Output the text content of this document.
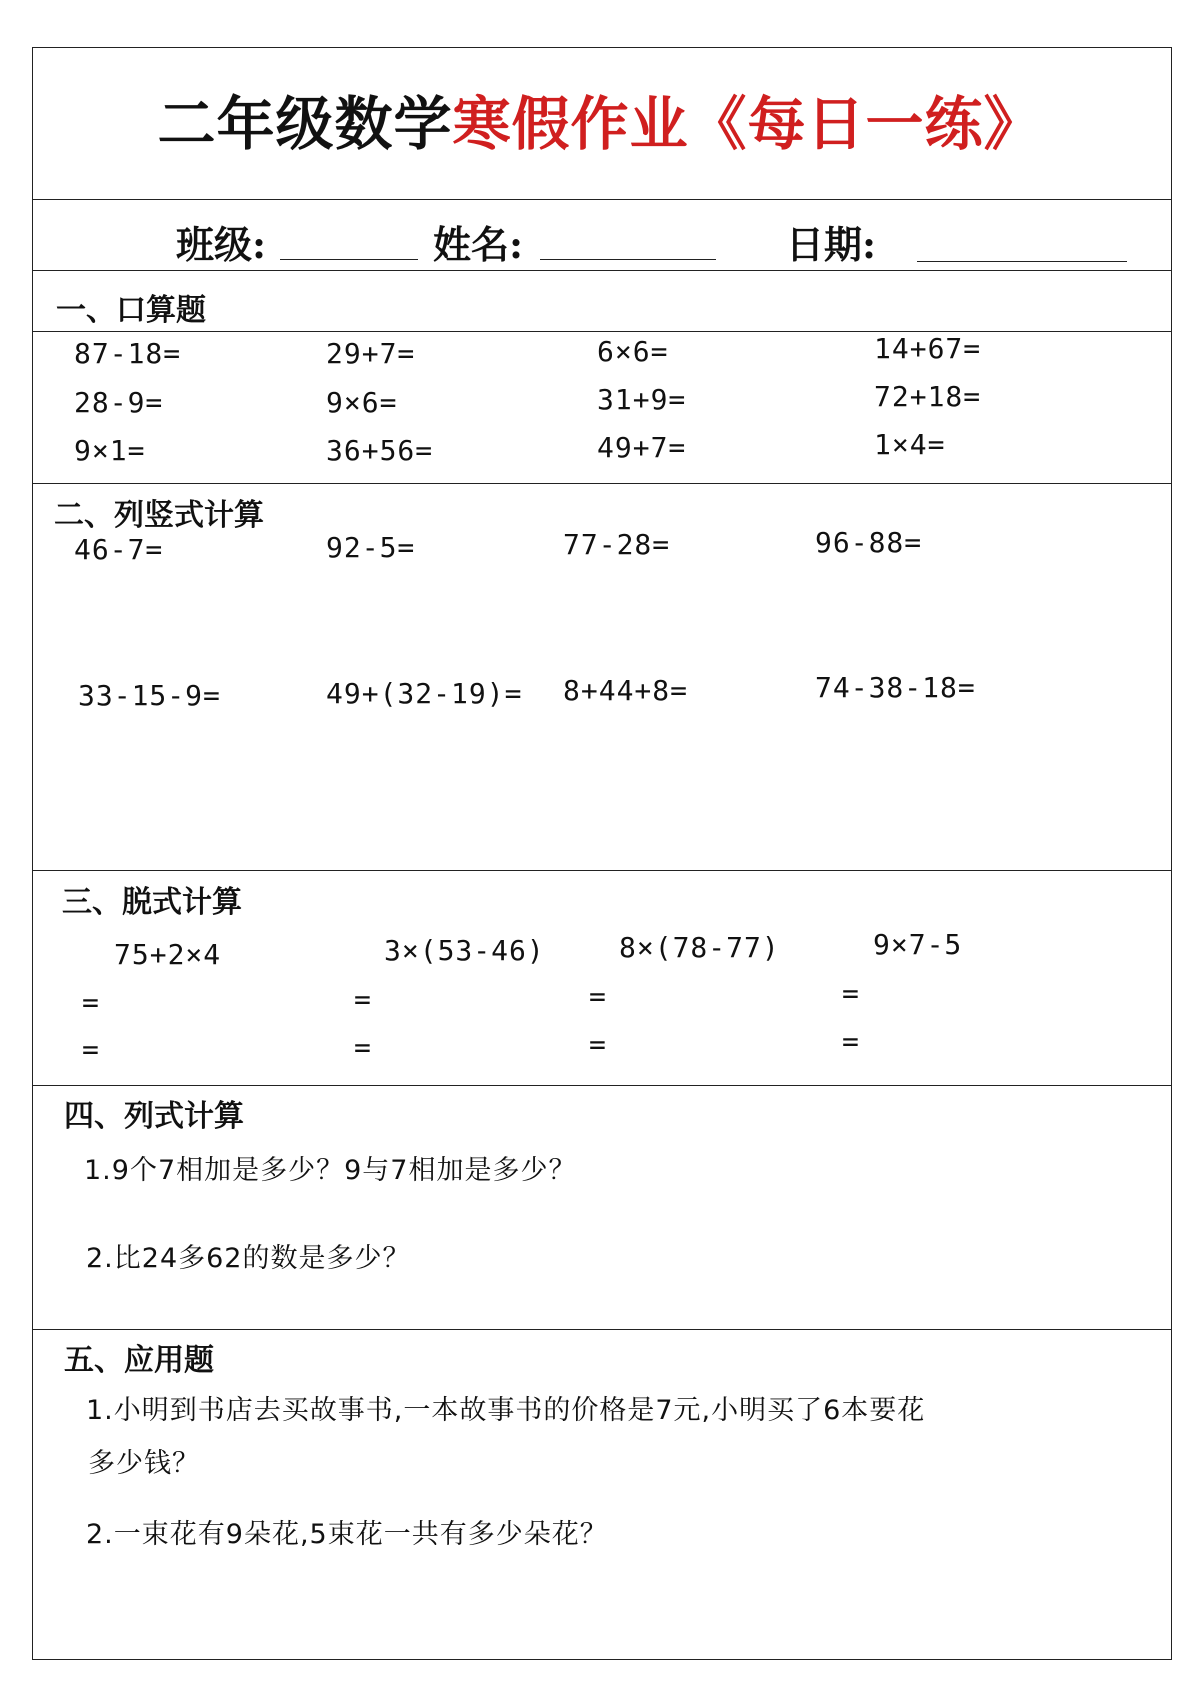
二年级数学寒假作业《每日一练》
班级:	姓名:	日期:
一、口算题
87-18=	29+7=	6×6=	14+67=
28-9=	9×6=	31+9=	72+18=
9×1=	36+56=	49+7=	1×4=
二、列竖式计算
46-7=	92-5=	77-28=	96-88=
33-15-9=	49+(32-19)= 8+44+8=	74-38-18=
三、脱式计算
75+2×4	3×(53-46)	8×(78-77)	9×7-5
=	=	=	=
=	=	=	=
四、列式计算
1.9个7相加是多少？9与7相加是多少？
2.比24多62的数是多少？
五、应用题
1.小明到书店去买故事书,一本故事书的价格是7元,小明买了6本要花
多少钱？
2.一束花有9朵花,5束花一共有多少朵花？
